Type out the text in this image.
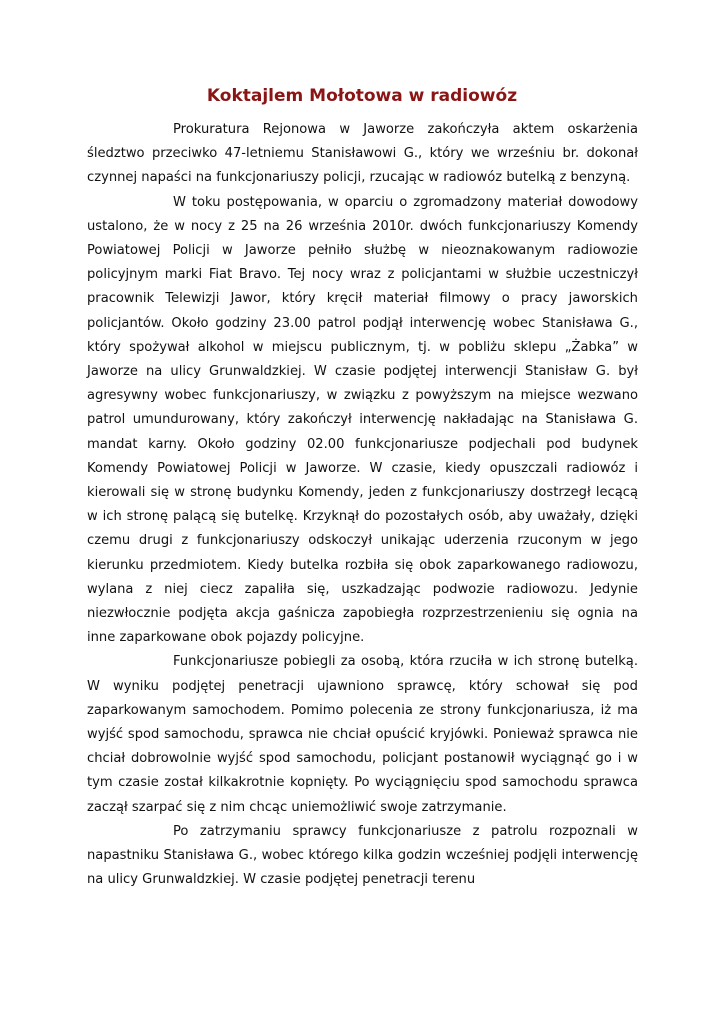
Koktajlem Mołotowa w radiowóz

Prokuratura Rejonowa w Jaworze zakończyła aktem oskarżenia śledztwo przeciwko 47-letniemu Stanisławowi G., który we wrześniu br. dokonał czynnej napaści na funkcjonariuszy policji, rzucając w radiowóz butelką z benzyną.

W toku postępowania, w oparciu o zgromadzony materiał dowodowy ustalono, że w nocy z 25 na 26 września 2010r. dwóch funkcjonariuszy Komendy Powiatowej Policji w Jaworze pełniło służbę w nieoznakowanym radiowozie policyjnym marki Fiat Bravo. Tej nocy wraz z policjantami w służbie uczestniczył pracownik Telewizji Jawor, który kręcił materiał filmowy o pracy jaworskich policjantów. Około godziny 23.00 patrol podjął interwencję wobec Stanisława G., który spożywał alkohol w miejscu publicznym, tj. w pobliżu sklepu „Żabka” w Jaworze na ulicy Grunwaldzkiej. W czasie podjętej interwencji Stanisław G. był agresywny wobec funkcjonariuszy, w związku z powyższym na miejsce wezwano patrol umundurowany, który zakończył interwencję nakładając na Stanisława G. mandat karny. Około godziny 02.00 funkcjonariusze podjechali pod budynek Komendy Powiatowej Policji w Jaworze. W czasie, kiedy opuszczali radiowóz i kierowali się w stronę budynku Komendy, jeden z funkcjonariuszy dostrzegł lecącą w ich stronę palącą się butelkę. Krzyknął do pozostałych osób, aby uważały, dzięki czemu drugi z funkcjonariuszy odskoczył unikając uderzenia rzuconym w jego kierunku przedmiotem. Kiedy butelka rozbiła się obok zaparkowanego radiowozu, wylana z niej ciecz zapaliła się, uszkadzając podwozie radiowozu. Jedynie niezwłocznie podjęta akcja gaśnicza zapobiegła rozprzestrzenieniu się ognia na inne zaparkowane obok pojazdy policyjne.

Funkcjonariusze pobiegli za osobą, która rzuciła w ich stronę butelką. W wyniku podjętej penetracji ujawniono sprawcę, który schował się pod zaparkowanym samochodem. Pomimo polecenia ze strony funkcjonariusza, iż ma wyjść spod samochodu, sprawca nie chciał opuścić kryjówki. Ponieważ sprawca nie chciał dobrowolnie wyjść spod samochodu, policjant postanowił wyciągnąć go i w tym czasie został kilkakrotnie kopnięty. Po wyciągnięciu spod samochodu sprawca zaczął szarpać się z nim chcąc uniemożliwić swoje zatrzymanie.

Po zatrzymaniu sprawcy funkcjonariusze z patrolu rozpoznali w napastniku Stanisława G., wobec którego kilka godzin wcześniej podjęli interwencję na ulicy Grunwaldzkiej. W czasie podjętej penetracji terenu
